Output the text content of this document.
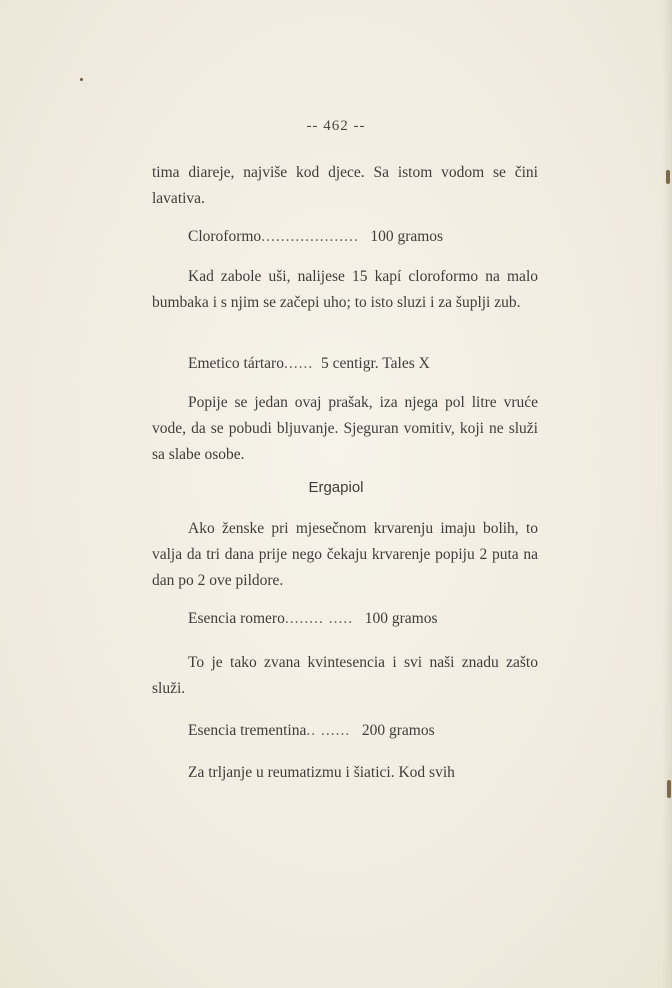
-- 462 --
tima diareje, najviše kod djece. Sa istom vodom se čini lavativa.
Cloroformo.................... 100 gramos
Kad zabole uši, nalijese 15 kapí cloroformo na malo bumbaka i s njim se začepi uho; to isto sluzi i za šuplji zub.
Emetico tártaro...... 5 centigr. Tales X
Popije se jedan ovaj prašak, iza njega pol litre vruće vode, da se pobudi bljuvanje. Sjeguran vomitiv, koji ne služi sa slabe osobe.
Ergapiol
Ako ženske pri mjesečnom krvarenju imaju bolih, to valja da tri dana prije nego čekaju krvarenje popiju 2 puta na dan po 2 ove pildore.
Esencia romero........ ..... 100 gramos
To je tako zvana kvintesencia i svi naši znadu zašto služi.
Esencia trementina.. ...... 200 gramos
Za trljanje u reumatizmu i šiatici. Kod svih
